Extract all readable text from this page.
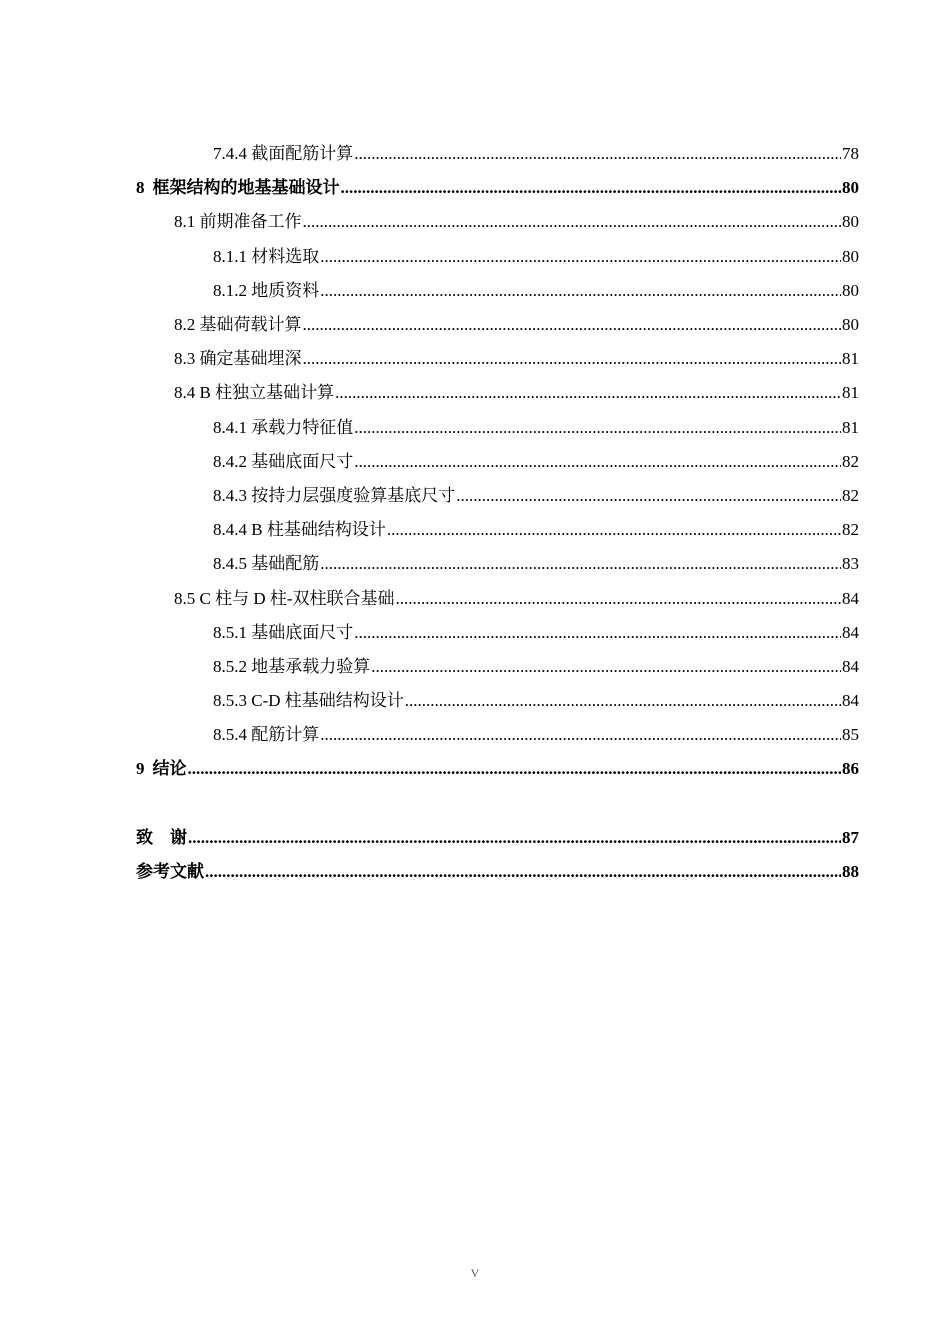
7.4.4 截面配筋计算 .....	78
8 框架结构的地基基础设计 .....	80
8.1 前期准备工作 .....	80
8.1.1 材料选取 .....	80
8.1.2 地质资料 .....	80
8.2 基础荷载计算 .....	80
8.3 确定基础埋深 .....	81
8.4 B 柱独立基础计算 .....	81
8.4.1 承载力特征值 .....	81
8.4.2 基础底面尺寸 .....	82
8.4.3 按持力层强度验算基底尺寸 .....	82
8.4.4 B 柱基础结构设计 .....	82
8.4.5 基础配筋 .....	83
8.5 C 柱与 D 柱-双柱联合基础 .....	84
8.5.1 基础底面尺寸 .....	84
8.5.2 地基承载力验算 .....	84
8.5.3 C-D 柱基础结构设计 .....	84
8.5.4 配筋计算 .....	85
9 结论 .....	86
致　谢 .....	87
参考文献 .....	88
V
